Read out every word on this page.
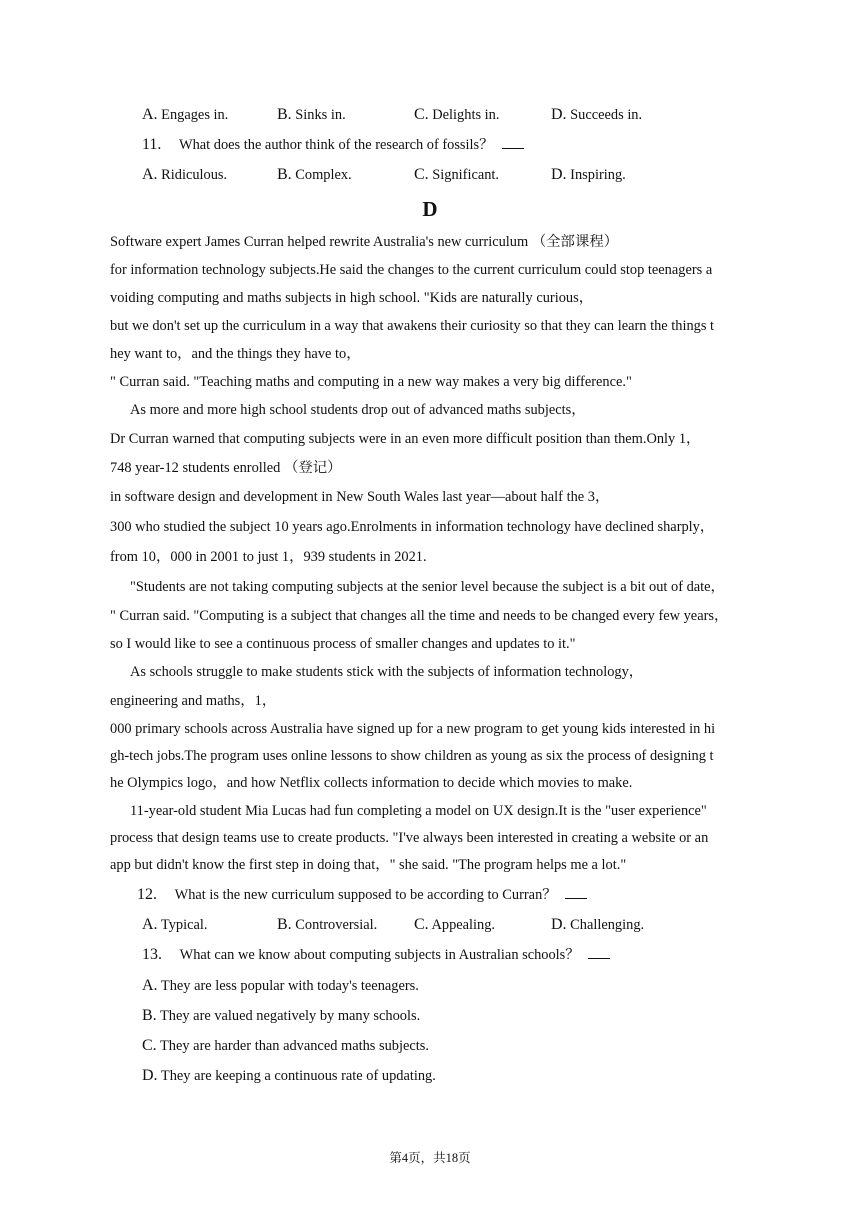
A. Engages in.	B. Sinks in.	C. Delights in.	D. Succeeds in.
11. What does the author think of the research of fossils？
A. Ridiculous.	B. Complex.	C. Significant.	D. Inspiring.
D
Software expert James Curran helped rewrite Australia's new curriculum （全部课程）
for information technology subjects.He said the changes to the current curriculum could stop teenagers a
voiding computing and maths subjects in high school. "Kids are naturally curious，
but we don't set up the curriculum in a way that awakens their curiosity so that they can learn the things t
hey want to，and the things they have to，
" Curran said. "Teaching maths and computing in a new way makes a very big difference."
As more and more high school students drop out of advanced maths subjects，
Dr Curran warned that computing subjects were in an even more difficult position than them.Only 1，
748 year-12 students enrolled （登记）
in software design and development in New South Wales last year—about half the 3，
300 who studied the subject 10 years ago.Enrolments in information technology have declined sharply，
from 10，000 in 2001 to just 1，939 students in 2021.
"Students are not taking computing subjects at the senior level because the subject is a bit out of date，
" Curran said. "Computing is a subject that changes all the time and needs to be changed every few years，
so I would like to see a continuous process of smaller changes and updates to it."
As schools struggle to make students stick with the subjects of information technology，
engineering and maths，1，
000 primary schools across Australia have signed up for a new program to get young kids interested in hi
gh-tech jobs.The program uses online lessons to show children as young as six the process of designing t
he Olympics logo，and how Netflix collects information to decide which movies to make.
11-year-old student Mia Lucas had fun completing a model on UX design.It is the "user experience"
process that design teams use to create products. "I've always been interested in creating a website or an
app but didn't know the first step in doing that，" she said. "The program helps me a lot."
12. What is the new curriculum supposed to be according to Curran？
A. Typical.	B. Controversial. C. Appealing.	D. Challenging.
13. What can we know about computing subjects in Australian schools？
A. They are less popular with today's teenagers.
B. They are valued negatively by many schools.
C. They are harder than advanced maths subjects.
D. They are keeping a continuous rate of updating.
第4页，共18页
